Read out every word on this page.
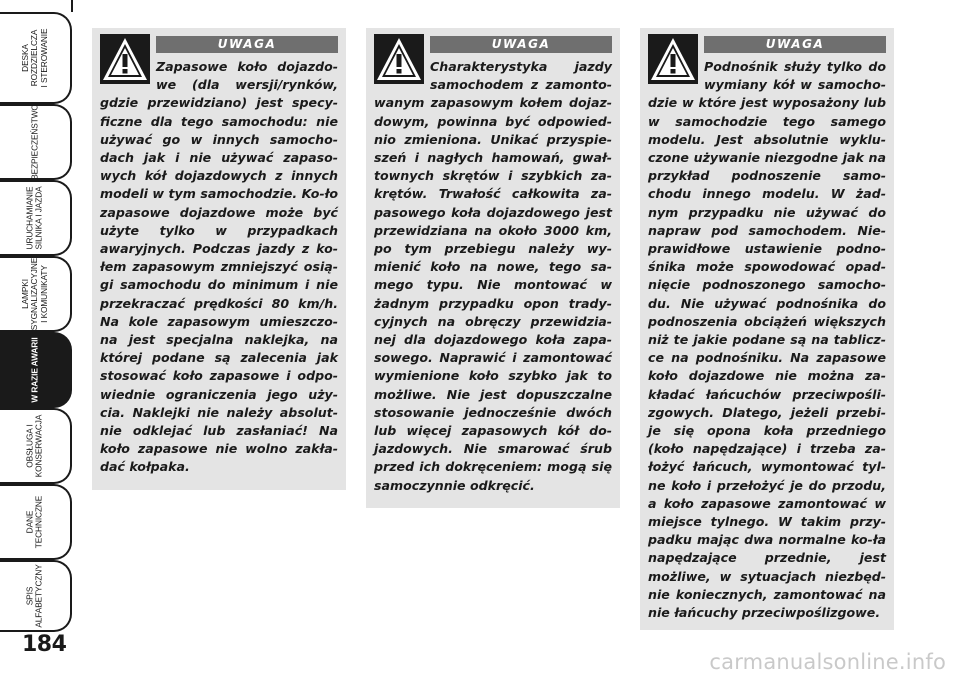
DESKA
ROZDZIELCZA
I STEROWANIE
BEZPIECZEŃSTWO
URUCHAMIANIE
SILNIKA I JAZDA
LAMPKI
SYGNALIZACYJNE
I KOMUNIKATY
W RAZIE AWARII
OBSŁUGA I
KONSERWACJA
DANE
TECHNICZNE
SPIS
ALFABETYCZNY
184
UWAGA

Zapasowe koło dojazdo-we (dla wersji/rynków, gdzie przewidziano) jest specy-ficzne dla tego samochodu: nie używać go w innych samocho-dach jak i nie używać zapaso-wych kół dojazdowych z innych modeli w tym samochodzie. Ko-ło zapasowe dojazdowe może być użyte tylko w przypadkach awaryjnych. Podczas jazdy z ko-łem zapasowym zmniejszyć osią-gi samochodu do minimum i nie przekraczać prędkości 80 km/h. Na kole zapasowym umieszczo-na jest specjalna naklejka, na której podane są zalecenia jak stosować koło zapasowe i odpo-wiednie ograniczenia jego uży-cia. Naklejki nie należy absolut-nie odklejać lub zasłaniać! Na koło zapasowe nie wolno zakła-dać kołpaka.

UWAGA

Charakterystyka jazdy samochodem z zamonto-wanym zapasowym kołem dojaz-dowym, powinna być odpowied-nio zmieniona. Unikać przyspie-szeń i nagłych hamowań, gwał-townych skrętów i szybkich za-krętów. Trwałość całkowita za-pasowego koła dojazdowego jest przewidziana na około 3000 km, po tym przebiegu należy wy-mienić koło na nowe, tego sa-mego typu. Nie montować w żadnym przypadku opon trady-cyjnych na obręczy przewidzia-nej dla dojazdowego koła zapa-sowego. Naprawić i zamontować wymienione koło szybko jak to możliwe. Nie jest dopuszczalne stosowanie jednocześnie dwóch lub więcej zapasowych kół do-jazdowych. Nie smarować śrub przed ich dokręceniem: mogą się samoczynnie odkręcić.

UWAGA

Podnośnik służy tylko do wymiany kół w samocho-dzie w które jest wyposażony lub w samochodzie tego samego modelu. Jest absolutnie wyklu-czone używanie niezgodne jak na przykład podnoszenie samo-chodu innego modelu. W żad-nym przypadku nie używać do napraw pod samochodem. Nie-prawidłowe ustawienie podno-śnika może spowodować opad-nięcie podnoszonego samocho-du. Nie używać podnośnika do podnoszenia obciążeń większych niż te jakie podane są na tablicz-ce na podnośniku. Na zapasowe koło dojazdowe nie można za-kładać łańcuchów przeciwpośli-zgowych. Dlatego, jeżeli przebi-je się opona koła przedniego (koło napędzające) i trzeba za-łożyć łańcuch, wymontować tyl-ne koło i przełożyć je do przodu, a koło zapasowe zamontować w miejsce tylnego. W takim przy-padku mając dwa normalne ko-ła napędzające przednie, jest możliwe, w sytuacjach niezbęd-nie koniecznych, zamontować na nie łańcuchy przeciwpoślizgowe.

carmanualsonline.info
